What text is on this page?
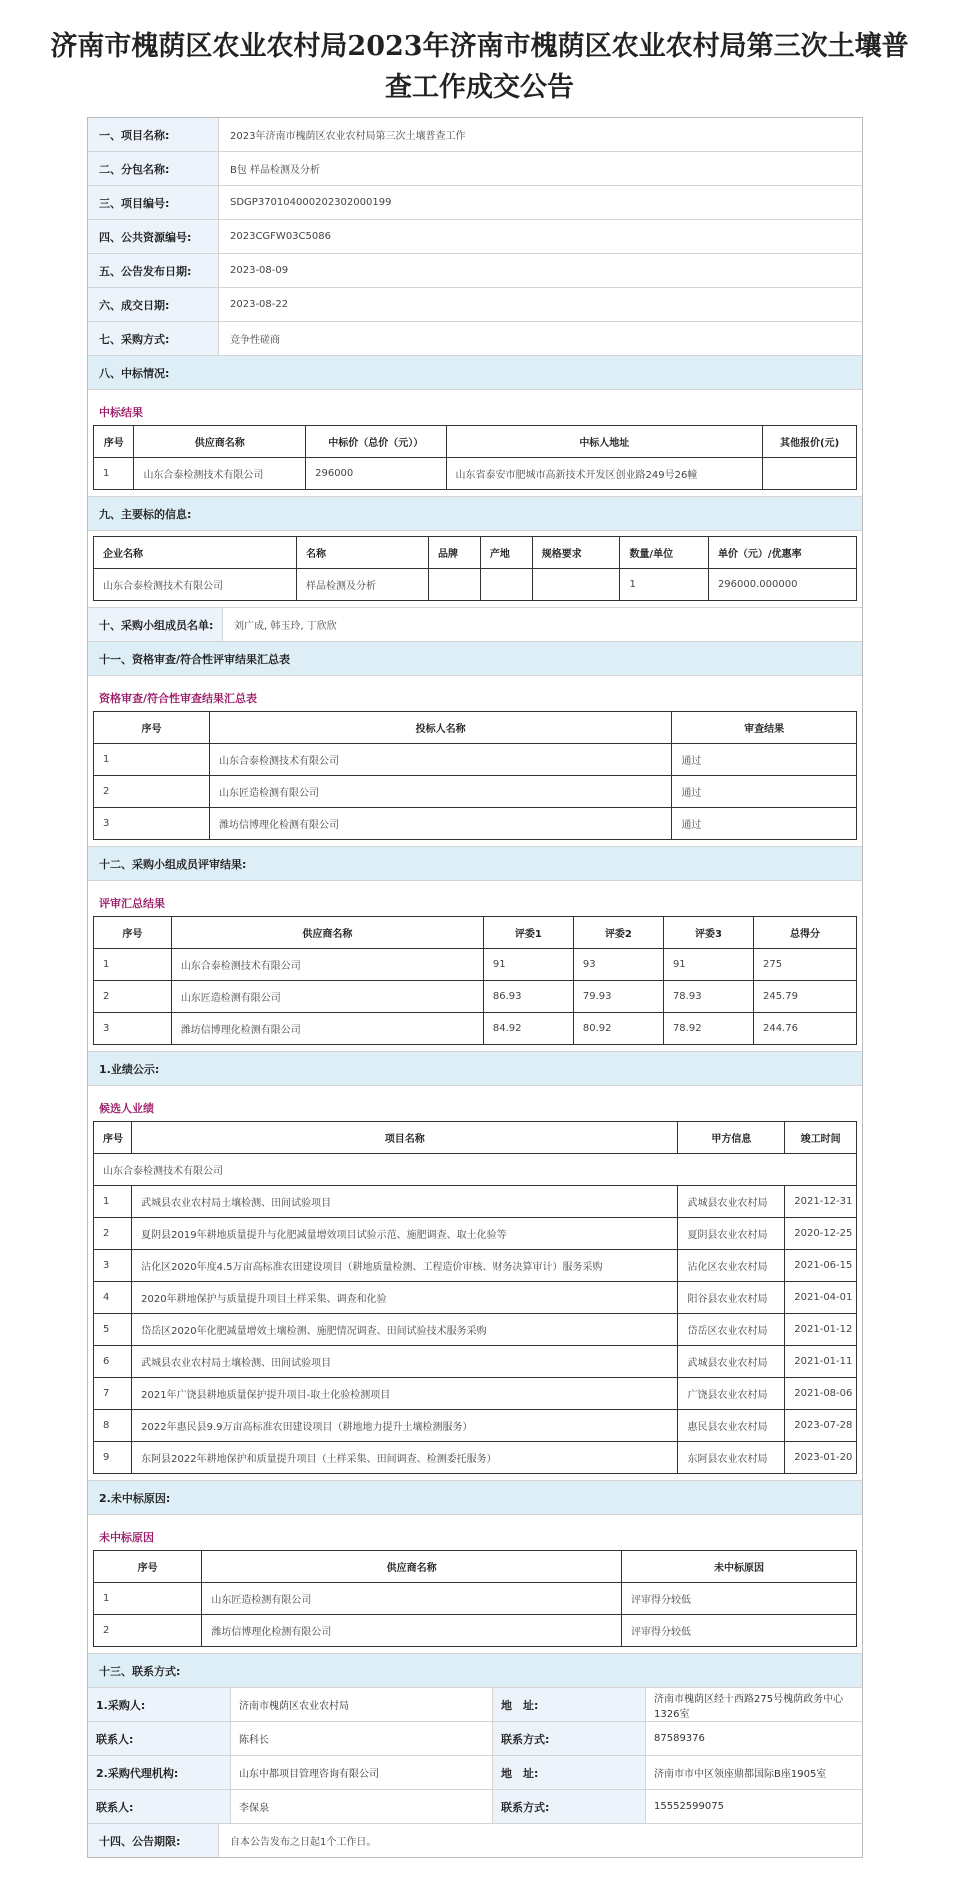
济南市槐荫区农业农村局2023年济南市槐荫区农业农村局第三次土壤普查工作成交公告
一、项目名称:	2023年济南市槐荫区农业农村局第三次土壤普查工作
二、分包名称:	B包 样品检测及分析
三、项目编号:	SDGP370104000202302000199
四、公共资源编号:	2023CGFW03C5086
五、公告发布日期:	2023-08-09
六、成交日期:	2023-08-22
七、采购方式:	竞争性磋商
八、中标情况:
中标结果
序号	供应商名称	中标价（总价（元））	中标人地址	其他报价(元)
1	山东合泰检测技术有限公司	296000	山东省泰安市肥城市高新技术开发区创业路249号26幢	
九、主要标的信息:
企业名称	名称	品牌	产地	规格要求	数量/单位	单价（元）/优惠率
山东合泰检测技术有限公司	样品检测及分析				1	296000.000000
十、采购小组成员名单:	刘广成, 韩玉玲, 丁欣欣
十一、资格审查/符合性评审结果汇总表
资格审查/符合性审查结果汇总表
序号	投标人名称	审查结果
1	山东合泰检测技术有限公司	通过
2	山东匠造检测有限公司	通过
3	潍坊信博理化检测有限公司	通过
十二、采购小组成员评审结果:
评审汇总结果
序号	供应商名称	评委1	评委2	评委3	总得分
1	山东合泰检测技术有限公司	91	93	91	275
2	山东匠造检测有限公司	86.93	79.93	78.93	245.79
3	潍坊信博理化检测有限公司	84.92	80.92	78.92	244.76
1.业绩公示:
候选人业绩
序号	项目名称	甲方信息	竣工时间
山东合泰检测技术有限公司			
1	武城县农业农村局土壤检测、田间试验项目	武城县农业农村局	2021-12-31
2	夏阴县2019年耕地质量提升与化肥减量增效项目试验示范、施肥调查、取土化验等	夏阴县农业农村局	2020-12-25
3	沾化区2020年度4.5万亩高标准农田建设项目（耕地质量检测、工程造价审核、财务决算审计）服务采购	沾化区农业农村局	2021-06-15
4	2020年耕地保护与质量提升项目土样采集、调查和化验	阳谷县农业农村局	2021-04-01
5	岱岳区2020年化肥减量增效土壤检测、施肥情况调查、田间试验技术服务采购	岱岳区农业农村局	2021-01-12
6	武城县农业农村局土壤检测、田间试验项目	武城县农业农村局	2021-01-11
7	2021年广饶县耕地质量保护提升项目-取土化验检测项目	广饶县农业农村局	2021-08-06
8	2022年惠民县9.9万亩高标准农田建设项目（耕地地力提升土壤检测服务）	惠民县农业农村局	2023-07-28
9	东阿县2022年耕地保护和质量提升项目（土样采集、田间调查、检测委托服务）	东阿县农业农村局	2023-01-20
2.未中标原因:
未中标原因
序号	供应商名称	未中标原因
1	山东匠造检测有限公司	评审得分较低
2	潍坊信博理化检测有限公司	评审得分较低
十三、联系方式:
1.采购人:	济南市槐荫区农业农村局	地　址:	济南市槐荫区经十西路275号槐荫政务中心1326室
联系人:	陈科长	联系方式:	87589376
2.采购代理机构:	山东中都项目管理咨询有限公司	地　址:	济南市市中区领座鼎都国际B座1905室
联系人:	李保泉	联系方式:	15552599075
十四、公告期限:	自本公告发布之日起1个工作日。
